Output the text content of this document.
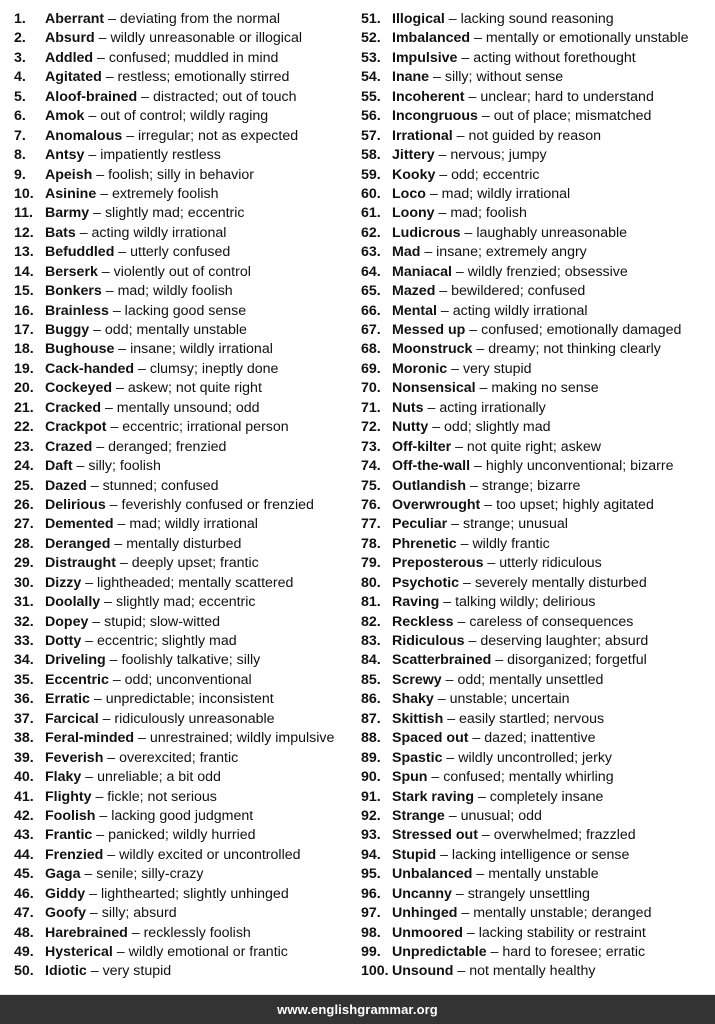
1.	Aberrant – deviating from the normal
2.	Absurd – wildly unreasonable or illogical
3.	Addled – confused; muddled in mind
4.	Agitated – restless; emotionally stirred
5.	Aloof-brained – distracted; out of touch
6.	Amok – out of control; wildly raging
7.	Anomalous – irregular; not as expected
8.	Antsy – impatiently restless
9.	Apeish – foolish; silly in behavior
10. Asinine – extremely foolish
11. Barmy – slightly mad; eccentric
12. Bats – acting wildly irrational
13. Befuddled – utterly confused
14. Berserk – violently out of control
15. Bonkers – mad; wildly foolish
16. Brainless – lacking good sense
17. Buggy – odd; mentally unstable
18. Bughouse – insane; wildly irrational
19. Cack-handed – clumsy; ineptly done
20. Cockeyed – askew; not quite right
21. Cracked – mentally unsound; odd
22. Crackpot – eccentric; irrational person
23. Crazed – deranged; frenzied
24. Daft – silly; foolish
25. Dazed – stunned; confused
26. Delirious – feverishly confused or frenzied
27. Demented – mad; wildly irrational
28. Deranged – mentally disturbed
29. Distraught – deeply upset; frantic
30. Dizzy – lightheaded; mentally scattered
31. Doolally – slightly mad; eccentric
32. Dopey – stupid; slow-witted
33. Dotty – eccentric; slightly mad
34. Driveling – foolishly talkative; silly
35. Eccentric – odd; unconventional
36. Erratic – unpredictable; inconsistent
37. Farcical – ridiculously unreasonable
38. Feral-minded – unrestrained; wildly impulsive
39. Feverish – overexcited; frantic
40. Flaky – unreliable; a bit odd
41. Flighty – fickle; not serious
42. Foolish – lacking good judgment
43. Frantic – panicked; wildly hurried
44. Frenzied – wildly excited or uncontrolled
45. Gaga – senile; silly-crazy
46. Giddy – lighthearted; slightly unhinged
47. Goofy – silly; absurd
48. Harebrained – recklessly foolish
49. Hysterical – wildly emotional or frantic
50. Idiotic – very stupid
51. Illogical – lacking sound reasoning
52. Imbalanced – mentally or emotionally unstable
53. Impulsive – acting without forethought
54. Inane – silly; without sense
55. Incoherent – unclear; hard to understand
56. Incongruous – out of place; mismatched
57. Irrational – not guided by reason
58. Jittery – nervous; jumpy
59. Kooky – odd; eccentric
60. Loco – mad; wildly irrational
61. Loony – mad; foolish
62. Ludicrous – laughably unreasonable
63. Mad – insane; extremely angry
64. Maniacal – wildly frenzied; obsessive
65. Mazed – bewildered; confused
66. Mental – acting wildly irrational
67. Messed up – confused; emotionally damaged
68. Moonstruck – dreamy; not thinking clearly
69. Moronic – very stupid
70. Nonsensical – making no sense
71. Nuts – acting irrationally
72. Nutty – odd; slightly mad
73. Off-kilter – not quite right; askew
74. Off-the-wall – highly unconventional; bizarre
75. Outlandish – strange; bizarre
76. Overwrought – too upset; highly agitated
77. Peculiar – strange; unusual
78. Phrenetic – wildly frantic
79. Preposterous – utterly ridiculous
80. Psychotic – severely mentally disturbed
81. Raving – talking wildly; delirious
82. Reckless – careless of consequences
83. Ridiculous – deserving laughter; absurd
84. Scatterbrained – disorganized; forgetful
85. Screwy – odd; mentally unsettled
86. Shaky – unstable; uncertain
87. Skittish – easily startled; nervous
88. Spaced out – dazed; inattentive
89. Spastic – wildly uncontrolled; jerky
90. Spun – confused; mentally whirling
91. Stark raving – completely insane
92. Strange – unusual; odd
93. Stressed out – overwhelmed; frazzled
94. Stupid – lacking intelligence or sense
95. Unbalanced – mentally unstable
96. Uncanny – strangely unsettling
97. Unhinged – mentally unstable; deranged
98. Unmoored – lacking stability or restraint
99. Unpredictable – hard to foresee; erratic
100. Unsound – not mentally healthy
www.englishgrammar.org
